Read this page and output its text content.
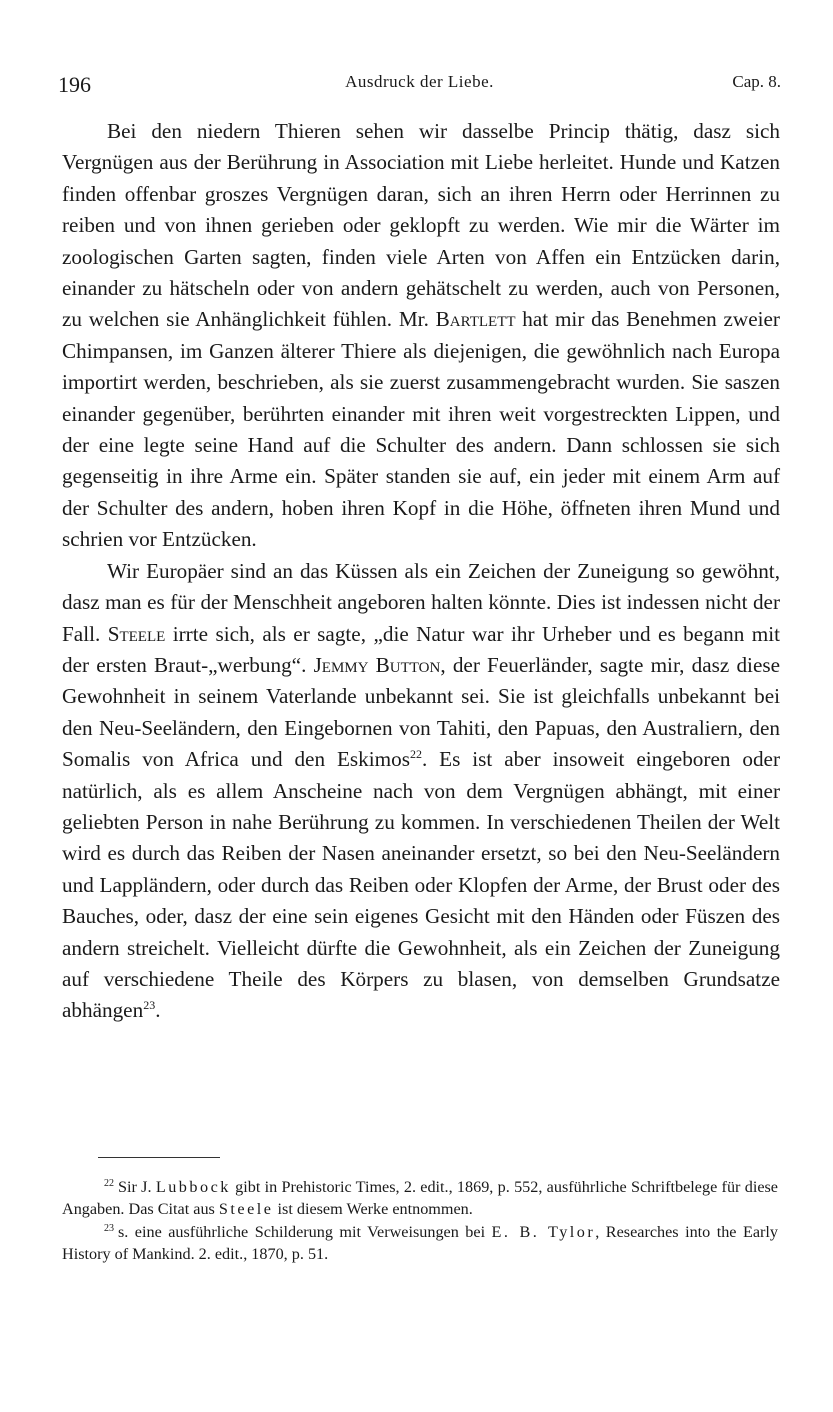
196	Ausdruck der Liebe.	Cap. 8.

Bei den niedern Thieren sehen wir dasselbe Princip thätig, dasz sich Vergnügen aus der Berührung in Association mit Liebe herleitet. Hunde und Katzen finden offenbar groszes Vergnügen daran, sich an ihren Herrn oder Herrinnen zu reiben und von ihnen gerieben oder geklopft zu werden. Wie mir die Wärter im zoologischen Garten sagten, finden viele Arten von Affen ein Entzücken darin, einander zu hätscheln oder von andern gehätschelt zu werden, auch von Personen, zu welchen sie Anhänglichkeit fühlen. Mr. Bartlett hat mir das Benehmen zweier Chimpansen, im Ganzen älterer Thiere als diejenigen, die gewöhnlich nach Europa importirt werden, beschrieben, als sie zuerst zusammengebracht wurden. Sie saszen einander gegenüber, berührten einander mit ihren weit vorgestreckten Lippen, und der eine legte seine Hand auf die Schulter des andern. Dann schlossen sie sich gegenseitig in ihre Arme ein. Später standen sie auf, ein jeder mit einem Arm auf der Schulter des andern, hoben ihren Kopf in die Höhe, öffneten ihren Mund und schrien vor Entzücken.

Wir Europäer sind an das Küssen als ein Zeichen der Zuneigung so gewöhnt, dasz man es für der Menschheit angeboren halten könnte. Dies ist indessen nicht der Fall. Steele irrte sich, als er sagte, „die Natur war ihr Urheber und es begann mit der ersten Braut-„werbung“. Jemmy Button, der Feuerländer, sagte mir, dasz diese Gewohnheit in seinem Vaterlande unbekannt sei. Sie ist gleichfalls unbekannt bei den Neu-Seeländern, den Eingebornen von Tahiti, den Papuas, den Australiern, den Somalis von Africa und den Eskimos$^{22}$. Es ist aber insoweit eingeboren oder natürlich, als es allem Anscheine nach von dem Vergnügen abhängt, mit einer geliebten Person in nahe Berührung zu kommen. In verschiedenen Theilen der Welt wird es durch das Reiben der Nasen aneinander ersetzt, so bei den Neu-Seeländern und Lappländern, oder durch das Reiben oder Klopfen der Arme, der Brust oder des Bauches, oder, dasz der eine sein eigenes Gesicht mit den Händen oder Füszen des andern streichelt. Vielleicht dürfte die Gewohnheit, als ein Zeichen der Zuneigung auf verschiedene Theile des Körpers zu blasen, von demselben Grundsatze abhängen$^{23}$.

$^{22}$ Sir J. Lubbock gibt in Prehistoric Times, 2. edit., 1869, p. 552, ausführliche Schriftbelege für diese Angaben. Das Citat aus Steele ist diesem Werke entnommen.

$^{23}$ s. eine ausführliche Schilderung mit Verweisungen bei E. B. Tylor, Researches into the Early History of Mankind. 2. edit., 1870, p. 51.
